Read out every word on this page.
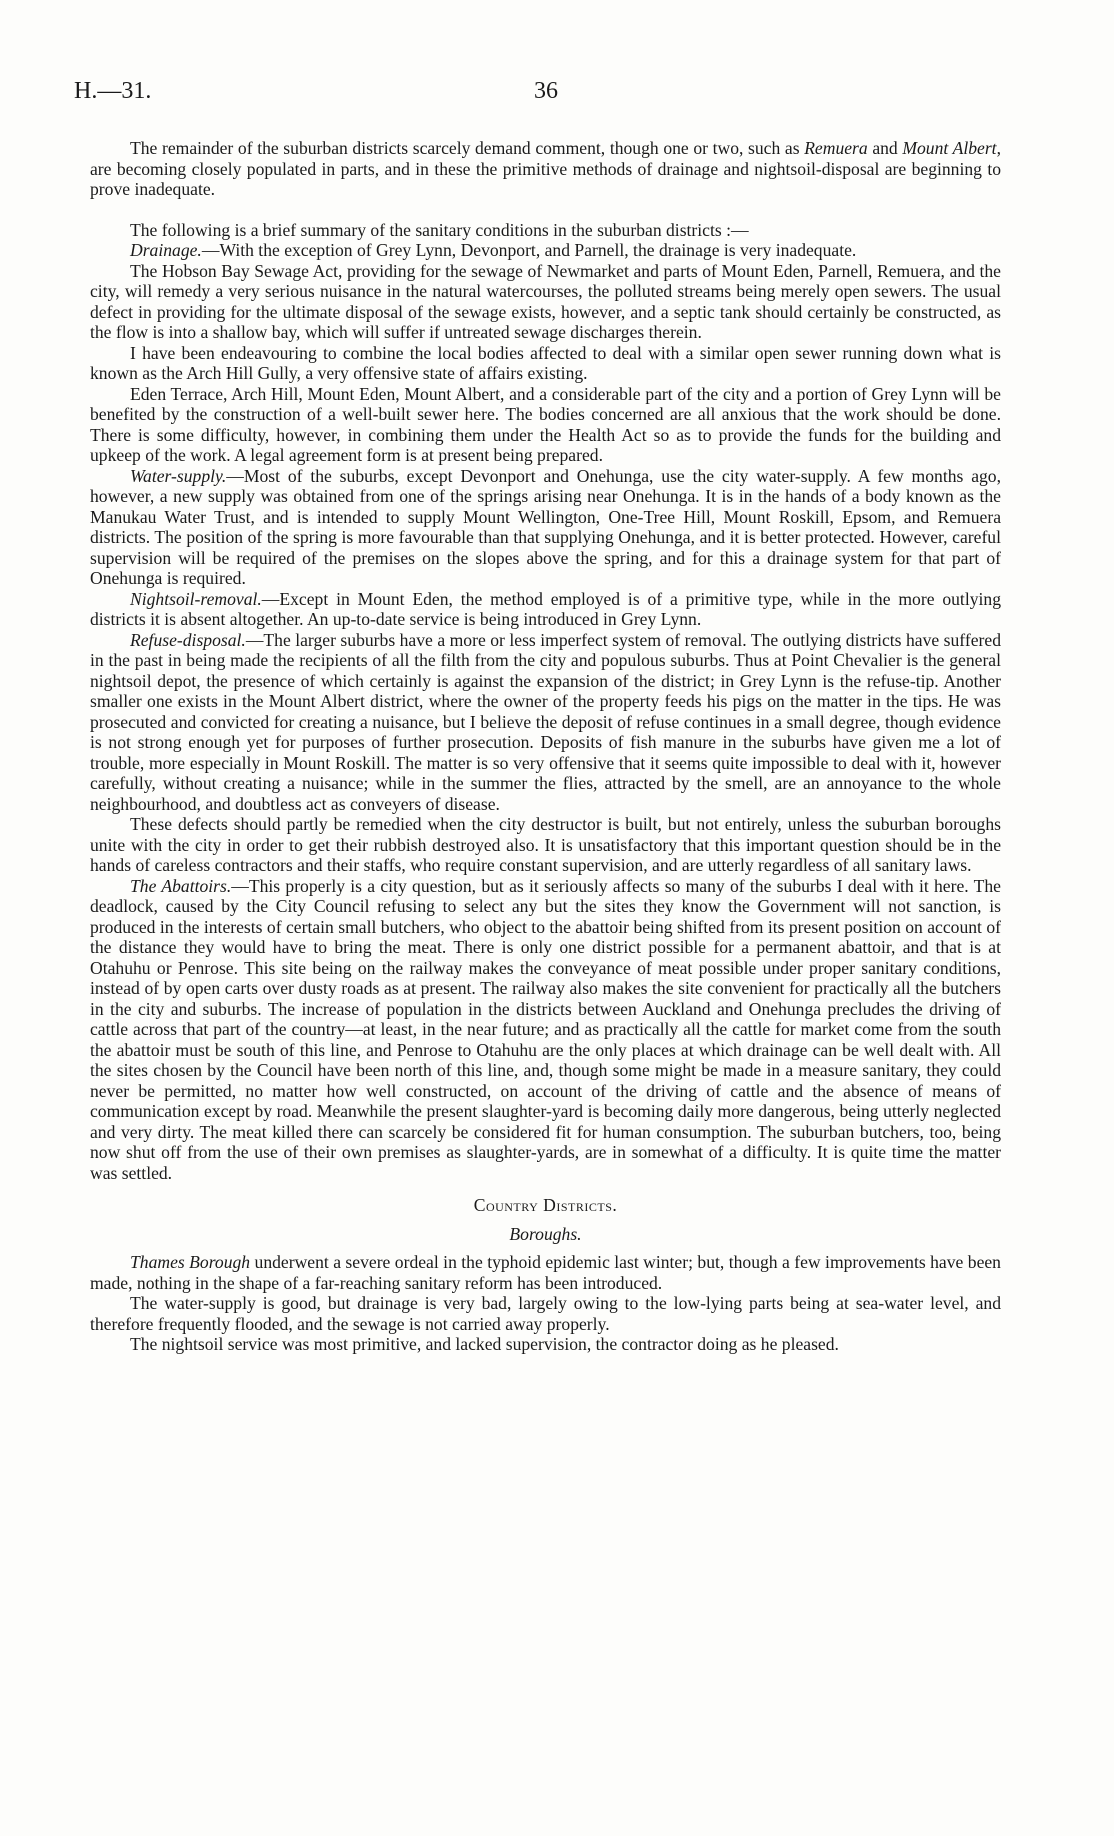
H.—31.	36

The remainder of the suburban districts scarcely demand comment, though one or two, such as Remuera and Mount Albert, are becoming closely populated in parts, and in these the primitive methods of drainage and nightsoil-disposal are beginning to prove inadequate.

The following is a brief summary of the sanitary conditions in the suburban districts :—

Drainage.—With the exception of Grey Lynn, Devonport, and Parnell, the drainage is very inadequate.

The Hobson Bay Sewage Act, providing for the sewage of Newmarket and parts of Mount Eden, Parnell, Remuera, and the city, will remedy a very serious nuisance in the natural watercourses, the polluted streams being merely open sewers. The usual defect in providing for the ultimate disposal of the sewage exists, however, and a septic tank should certainly be constructed, as the flow is into a shallow bay, which will suffer if untreated sewage discharges therein.

I have been endeavouring to combine the local bodies affected to deal with a similar open sewer running down what is known as the Arch Hill Gully, a very offensive state of affairs existing.

Eden Terrace, Arch Hill, Mount Eden, Mount Albert, and a considerable part of the city and a portion of Grey Lynn will be benefited by the construction of a well-built sewer here. The bodies concerned are all anxious that the work should be done. There is some difficulty, however, in combining them under the Health Act so as to provide the funds for the building and upkeep of the work. A legal agreement form is at present being prepared.

Water-supply.—Most of the suburbs, except Devonport and Onehunga, use the city water-supply. A few months ago, however, a new supply was obtained from one of the springs arising near Onehunga. It is in the hands of a body known as the Manukau Water Trust, and is intended to supply Mount Wellington, One-Tree Hill, Mount Roskill, Epsom, and Remuera districts. The position of the spring is more favourable than that supplying Onehunga, and it is better protected. However, careful supervision will be required of the premises on the slopes above the spring, and for this a drainage system for that part of Onehunga is required.

Nightsoil-removal.—Except in Mount Eden, the method employed is of a primitive type, while in the more outlying districts it is absent altogether. An up-to-date service is being introduced in Grey Lynn.

Refuse-disposal.—The larger suburbs have a more or less imperfect system of removal. The outlying districts have suffered in the past in being made the recipients of all the filth from the city and populous suburbs. Thus at Point Chevalier is the general nightsoil depot, the presence of which certainly is against the expansion of the district; in Grey Lynn is the refuse-tip. Another smaller one exists in the Mount Albert district, where the owner of the property feeds his pigs on the matter in the tips. He was prosecuted and convicted for creating a nuisance, but I believe the deposit of refuse continues in a small degree, though evidence is not strong enough yet for purposes of further prosecution. Deposits of fish manure in the suburbs have given me a lot of trouble, more especially in Mount Roskill. The matter is so very offensive that it seems quite impossible to deal with it, however carefully, without creating a nuisance; while in the summer the flies, attracted by the smell, are an annoyance to the whole neighbourhood, and doubtless act as conveyers of disease.

These defects should partly be remedied when the city destructor is built, but not entirely, unless the suburban boroughs unite with the city in order to get their rubbish destroyed also. It is unsatisfactory that this important question should be in the hands of careless contractors and their staffs, who require constant supervision, and are utterly regardless of all sanitary laws.

The Abattoirs.—This properly is a city question, but as it seriously affects so many of the suburbs I deal with it here. The deadlock, caused by the City Council refusing to select any but the sites they know the Government will not sanction, is produced in the interests of certain small butchers, who object to the abattoir being shifted from its present position on account of the distance they would have to bring the meat. There is only one district possible for a permanent abattoir, and that is at Otahuhu or Penrose. This site being on the railway makes the conveyance of meat possible under proper sanitary conditions, instead of by open carts over dusty roads as at present. The railway also makes the site convenient for practically all the butchers in the city and suburbs. The increase of population in the districts between Auckland and Onehunga precludes the driving of cattle across that part of the country—at least, in the near future; and as practically all the cattle for market come from the south the abattoir must be south of this line, and Penrose to Otahuhu are the only places at which drainage can be well dealt with. All the sites chosen by the Council have been north of this line, and, though some might be made in a measure sanitary, they could never be permitted, no matter how well constructed, on account of the driving of cattle and the absence of means of communication except by road. Meanwhile the present slaughter-yard is becoming daily more dangerous, being utterly neglected and very dirty. The meat killed there can scarcely be considered fit for human consumption. The suburban butchers, too, being now shut off from the use of their own premises as slaughter-yards, are in somewhat of a difficulty. It is quite time the matter was settled.

Country Districts.

Boroughs.

Thames Borough underwent a severe ordeal in the typhoid epidemic last winter; but, though a few improvements have been made, nothing in the shape of a far-reaching sanitary reform has been introduced.

The water-supply is good, but drainage is very bad, largely owing to the low-lying parts being at sea-water level, and therefore frequently flooded, and the sewage is not carried away properly.

The nightsoil service was most primitive, and lacked supervision, the contractor doing as he pleased.
